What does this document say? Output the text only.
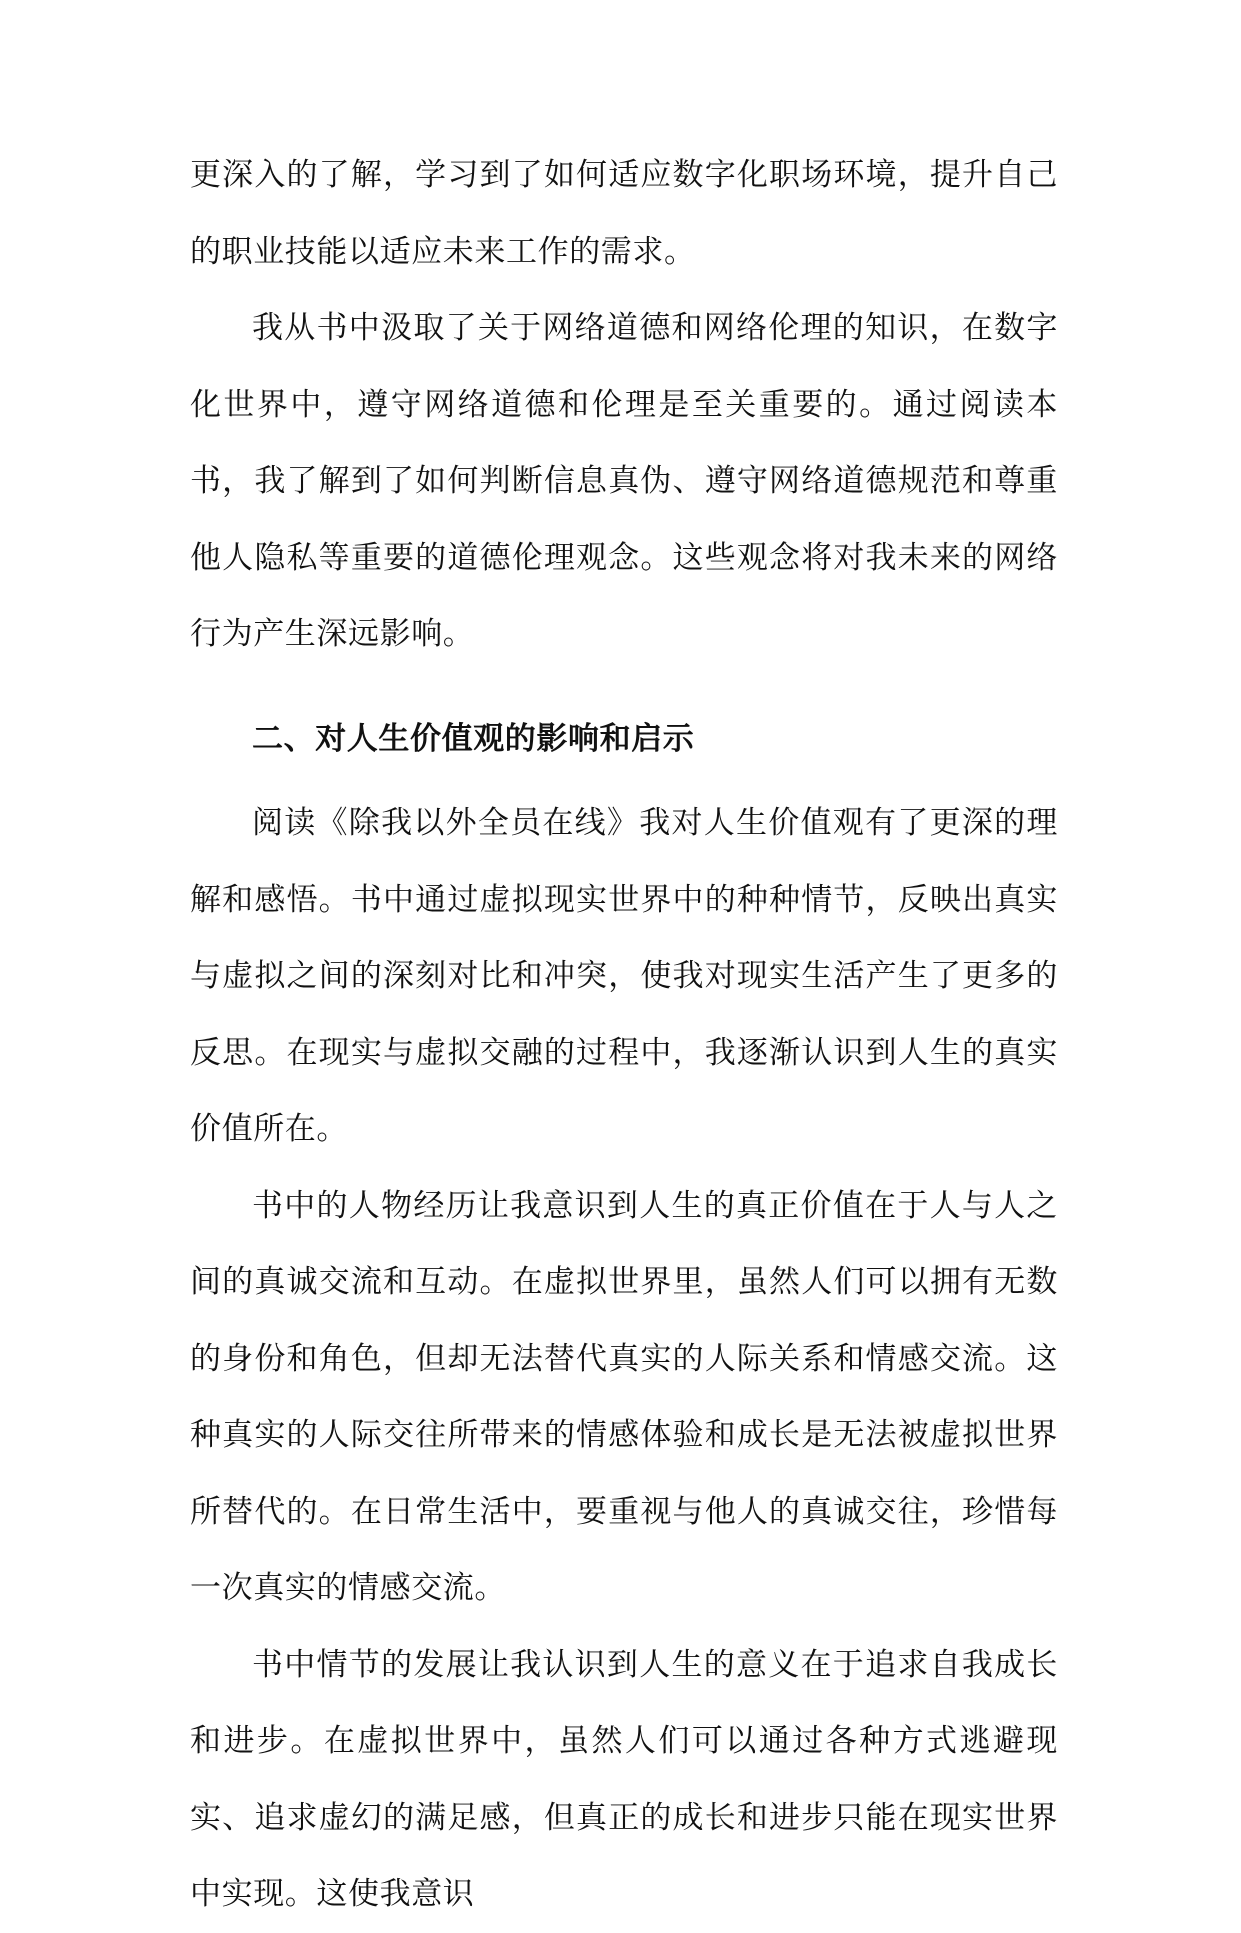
更深入的了解，学习到了如何适应数字化职场环境，提升自己的职业技能以适应未来工作的需求。

我从书中汲取了关于网络道德和网络伦理的知识，在数字化世界中，遵守网络道德和伦理是至关重要的。通过阅读本书，我了解到了如何判断信息真伪、遵守网络道德规范和尊重他人隐私等重要的道德伦理观念。这些观念将对我未来的网络行为产生深远影响。

二、对人生价值观的影响和启示

阅读《除我以外全员在线》我对人生价值观有了更深的理解和感悟。书中通过虚拟现实世界中的种种情节，反映出真实与虚拟之间的深刻对比和冲突，使我对现实生活产生了更多的反思。在现实与虚拟交融的过程中，我逐渐认识到人生的真实价值所在。

书中的人物经历让我意识到人生的真正价值在于人与人之间的真诚交流和互动。在虚拟世界里，虽然人们可以拥有无数的身份和角色，但却无法替代真实的人际关系和情感交流。这种真实的人际交往所带来的情感体验和成长是无法被虚拟世界所替代的。在日常生活中，要重视与他人的真诚交往，珍惜每一次真实的情感交流。

书中情节的发展让我认识到人生的意义在于追求自我成长和进步。在虚拟世界中，虽然人们可以通过各种方式逃避现实、追求虚幻的满足感，但真正的成长和进步只能在现实世界中实现。这使我意识
